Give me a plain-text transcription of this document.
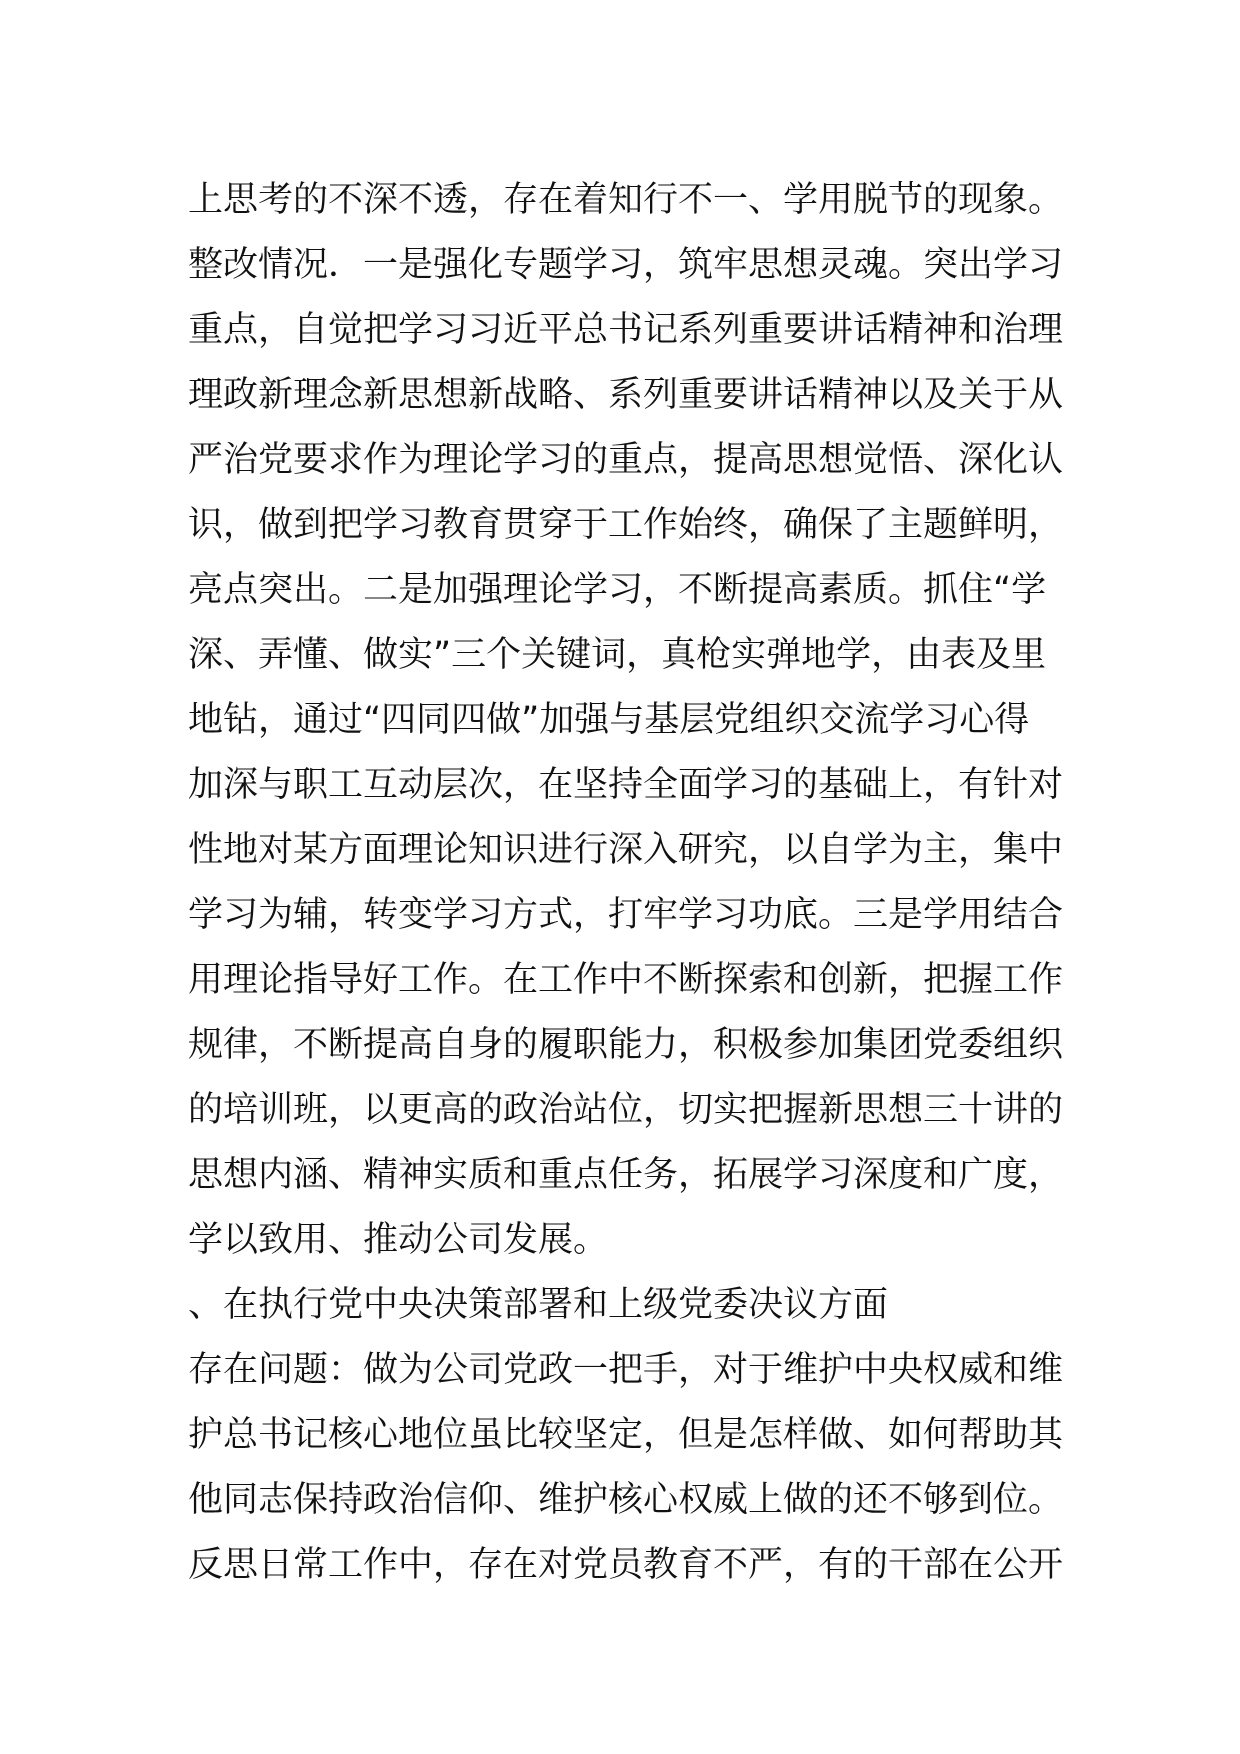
上思考的不深不透，存在着知行不一、学用脱节的现象。
整改情况．一是强化专题学习，筑牢思想灵魂。突出学习
重点，自觉把学习习近平总书记系列重要讲话精神和治理
理政新理念新思想新战略、系列重要讲话精神以及关于从
严治党要求作为理论学习的重点，提高思想觉悟、深化认
识，做到把学习教育贯穿于工作始终，确保了主题鲜明，
亮点突出。二是加强理论学习，不断提高素质。抓住“学
深、弄懂、做实”三个关键词，真枪实弹地学，由表及里
地钻，通过“四同四做”加强与基层党组织交流学习心得
加深与职工互动层次，在坚持全面学习的基础上，有针对
性地对某方面理论知识进行深入研究，以自学为主，集中
学习为辅，转变学习方式，打牢学习功底。三是学用结合
用理论指导好工作。在工作中不断探索和创新，把握工作
规律，不断提高自身的履职能力，积极参加集团党委组织
的培训班，以更高的政治站位，切实把握新思想三十讲的
思想内涵、精神实质和重点任务，拓展学习深度和广度，
学以致用、推动公司发展。
、在执行党中央决策部署和上级党委决议方面
存在问题：做为公司党政一把手，对于维护中央权威和维
护总书记核心地位虽比较坚定，但是怎样做、如何帮助其
他同志保持政治信仰、维护核心权威上做的还不够到位。
反思日常工作中，存在对党员教育不严，有的干部在公开
